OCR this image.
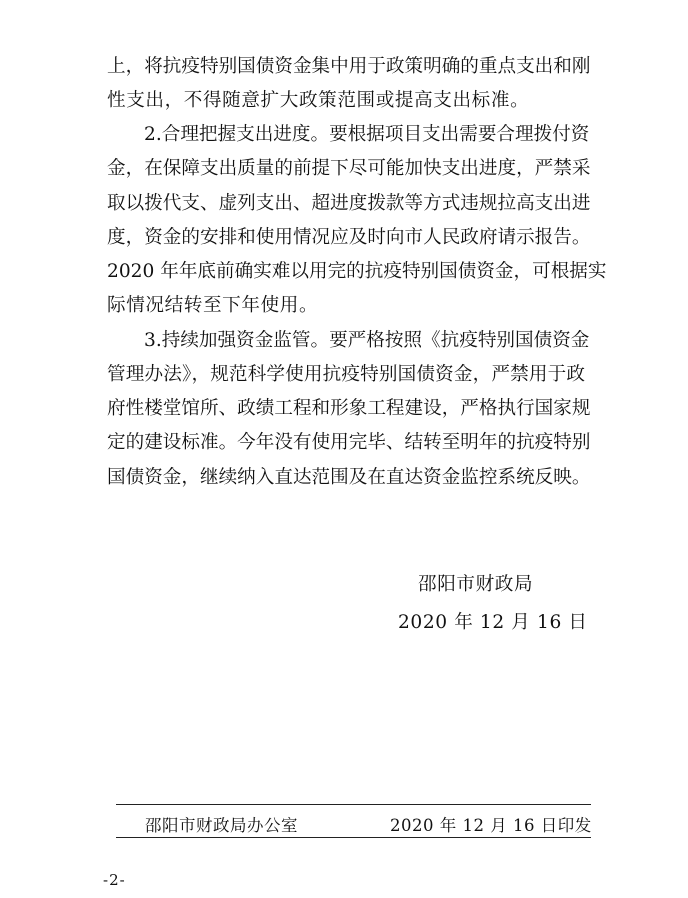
上，将抗疫特别国债资金集中用于政策明确的重点支出和刚
性支出，不得随意扩大政策范围或提高支出标准。
2.合理把握支出进度。要根据项目支出需要合理拨付资
金，在保障支出质量的前提下尽可能加快支出进度，严禁采
取以拨代支、虚列支出、超进度拨款等方式违规拉高支出进
度，资金的安排和使用情况应及时向市人民政府请示报告。
2020 年年底前确实难以用完的抗疫特别国债资金，可根据实
际情况结转至下年使用。
3.持续加强资金监管。要严格按照《抗疫特别国债资金
管理办法》，规范科学使用抗疫特别国债资金，严禁用于政
府性楼堂馆所、政绩工程和形象工程建设，严格执行国家规
定的建设标准。今年没有使用完毕、结转至明年的抗疫特别
国债资金，继续纳入直达范围及在直达资金监控系统反映。
邵阳市财政局
2020 年 12 月 16 日
邵阳市财政局办公室	2020 年 12 月 16 日印发
-2-
